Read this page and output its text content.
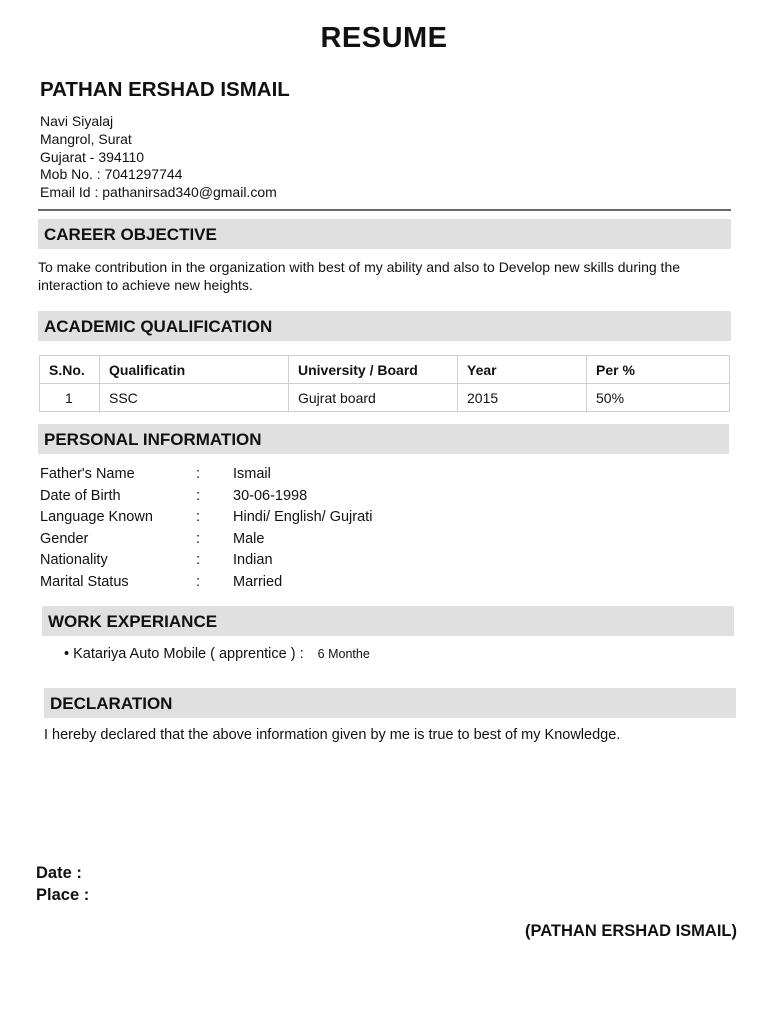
RESUME
PATHAN ERSHAD ISMAIL
Navi Siyalaj
Mangrol, Surat
Gujarat - 394110
Mob No. : 7041297744
Email Id : pathanirsad340@gmail.com
CAREER OBJECTIVE
To make contribution in the organization with best of my ability and also to Develop new skills during the interaction to achieve new heights.
ACADEMIC QUALIFICATION
S.No.	Qualificatin	University / Board	Year	Per %
1	SSC	Gujrat board	2015	50%
PERSONAL INFORMATION
Father's Name	: Ismail
Date of Birth	: 30-06-1998
Language Known	: Hindi/ English/ Gujrati
Gender	: Male
Nationality	: Indian
Marital Status	: Married
WORK EXPERIANCE
• Katariya Auto Mobile ( apprentice ) : 6 Monthe
DECLARATION
I hereby declared that the above information given by me is true to best of my Knowledge.
Date :
Place :
(PATHAN ERSHAD ISMAIL)
